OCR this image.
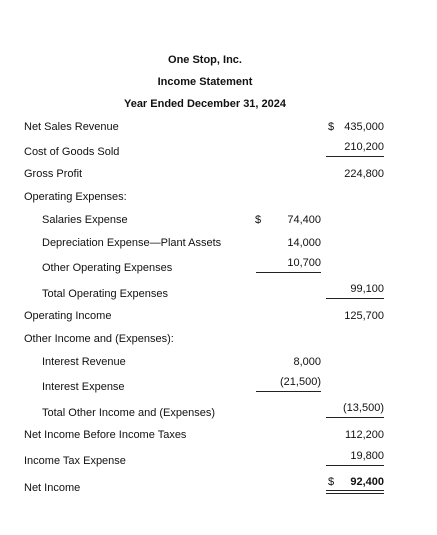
One Stop, Inc.
Income Statement
Year Ended December 31, 2024
Net Sales Revenue	$ 435,000
Cost of Goods Sold	210,200
Gross Profit	224,800
Operating Expenses:
Salaries Expense	$ 74,400
Depreciation Expense—Plant Assets	14,000
Other Operating Expenses	10,700
Total Operating Expenses	99,100
Operating Income	125,700
Other Income and (Expenses):
Interest Revenue	8,000
Interest Expense	(21,500)
Total Other Income and (Expenses)	(13,500)
Net Income Before Income Taxes	112,200
Income Tax Expense	19,800
Net Income	$ 92,400
